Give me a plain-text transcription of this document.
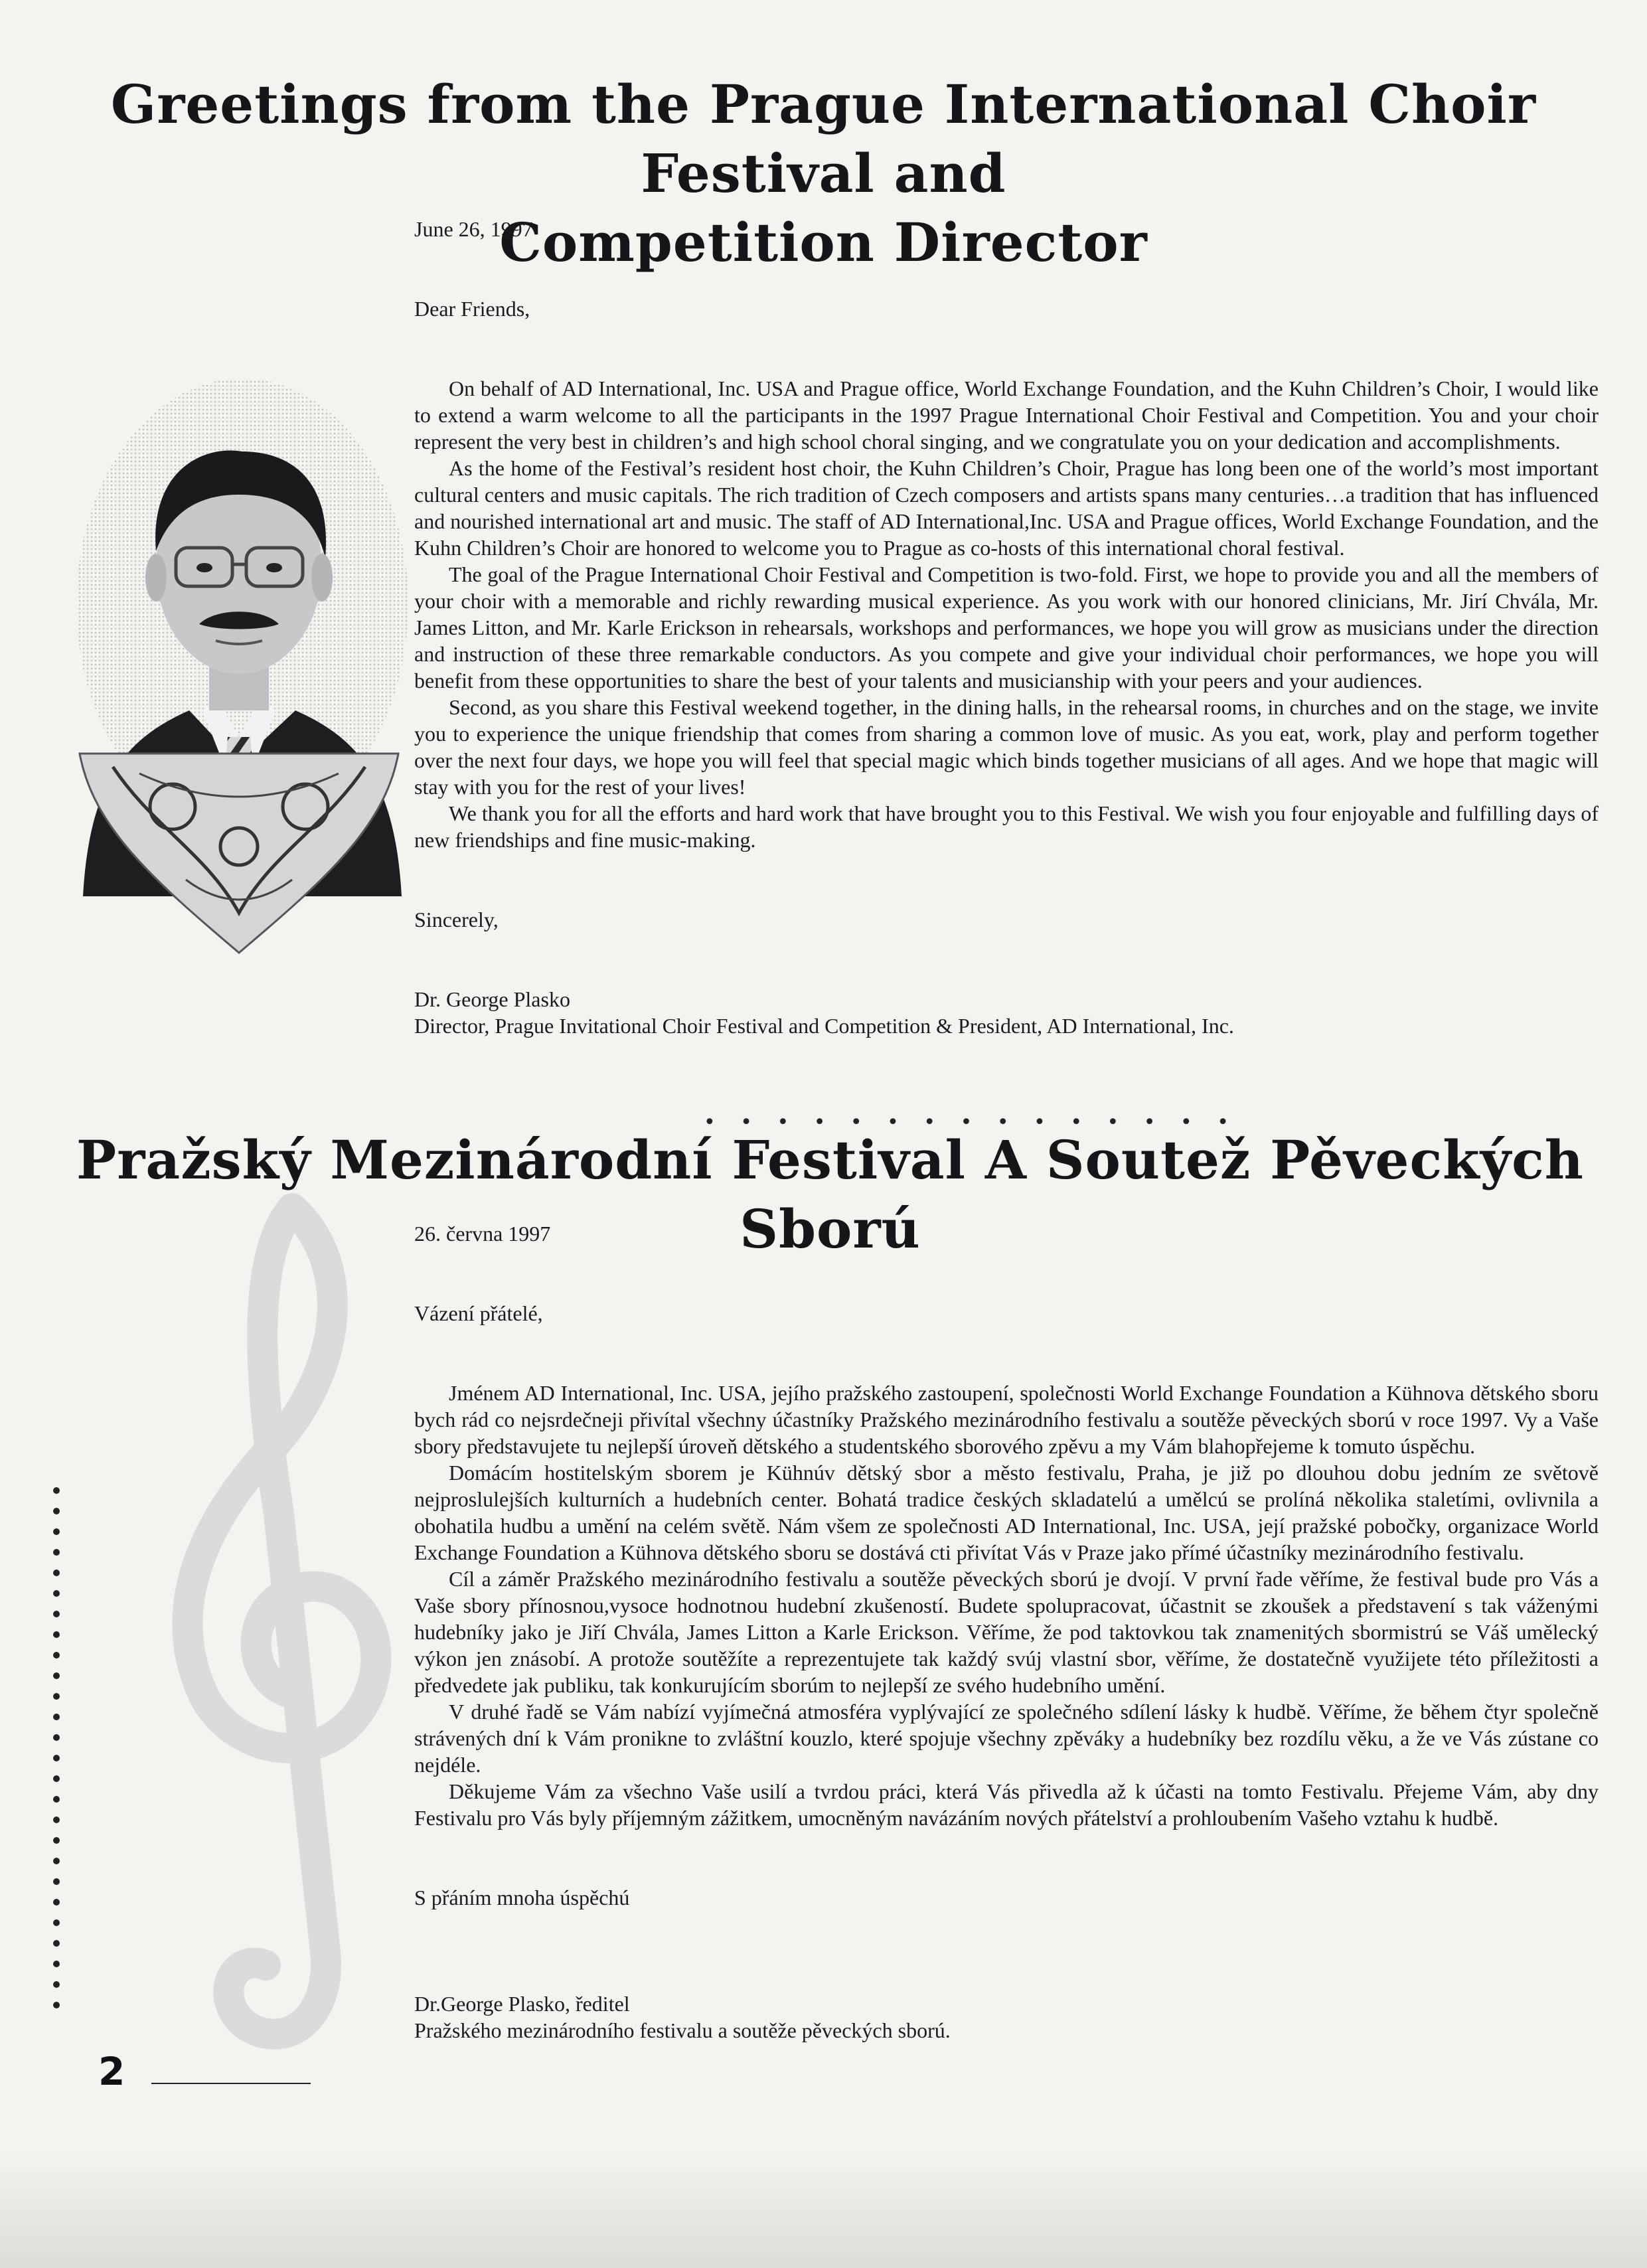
Greetings from the Prague International Choir Festival and
Competition Director

June 26, 1997

Dear Friends,

On behalf of AD International, Inc. USA and Prague office, World Exchange Foundation, and the Kuhn Children’s Choir, I would like to extend a warm welcome to all the participants in the 1997 Prague International Choir Festival and Competition. You and your choir represent the very best in children’s and high school choral singing, and we congratulate you on your dedication and accomplishments.

As the home of the Festival’s resident host choir, the Kuhn Children’s Choir, Prague has long been one of the world’s most important cultural centers and music capitals. The rich tradition of Czech composers and artists spans many centuries…a tradition that has influenced and nourished international art and music. The staff of AD International,Inc. USA and Prague offices, World Exchange Foundation, and the Kuhn Children’s Choir are honored to welcome you to Prague as co-hosts of this international choral festival.

The goal of the Prague International Choir Festival and Competition is two-fold. First, we hope to provide you and all the members of your choir with a memorable and richly rewarding musical experience. As you work with our honored clinicians, Mr. Jirí Chvála, Mr. James Litton, and Mr. Karle Erickson in rehearsals, workshops and performances, we hope you will grow as musicians under the direction and instruction of these three remarkable conductors. As you compete and give your individual choir performances, we hope you will benefit from these opportunities to share the best of your talents and musicianship with your peers and your audiences.

Second, as you share this Festival weekend together, in the dining halls, in the rehearsal rooms, in churches and on the stage, we invite you to experience the unique friendship that comes from sharing a common love of music. As you eat, work, play and perform together over the next four days, we hope you will feel that special magic which binds together musicians of all ages. And we hope that magic will stay with you for the rest of your lives!

We thank you for all the efforts and hard work that have brought you to this Festival. We wish you four enjoyable and fulfilling days of new friendships and fine music-making.

Sincerely,

Dr. George Plasko

Director, Prague Invitational Choir Festival and Competition & President, AD International, Inc.

• • • • • • • • • • • • • • •
Pražský Mezinárodní Festival A Soutež Pěveckých Sború

26. června 1997

Vázení přátelé,

Jménem AD International, Inc. USA, jejího pražského zastoupení, společnosti World Exchange Foundation a Kühnova dětského sboru bych rád co nejsrdečneji přivítal všechny účastníky Pražského mezinárodního festivalu a soutěže pěveckých sború v roce 1997. Vy a Vaše sbory představujete tu nejlepší úroveň dětského a studentského sborového zpěvu a my Vám blahopřejeme k tomuto úspěchu.

Domácím hostitelským sborem je Kühnúv dětský sbor a město festivalu, Praha, je již po dlouhou dobu jedním ze světově nejproslulejších kulturních a hudebních center. Bohatá tradice českých skladatelú a umělcú se prolíná několika staletími, ovlivnila a obohatila hudbu a umění na celém světě. Nám všem ze společnosti AD International, Inc. USA, její pražské pobočky, organizace World Exchange Foundation a Kühnova dětského sboru se dostává cti přivítat Vás v Praze jako přímé účastníky mezinárodního festivalu.

Cíl a záměr Pražského mezinárodního festivalu a soutěže pěveckých sború je dvojí. V první řade věříme, že festival bude pro Vás a Vaše sbory přínosnou,vysoce hodnotnou hudební zkušeností. Budete spolupracovat, účastnit se zkoušek a představení s tak váženými hudebníky jako je Jiří Chvála, James Litton a Karle Erickson. Věříme, že pod taktovkou tak znamenitých sbormistrú se Váš umělecký výkon jen znásobí. A protože soutěžíte a reprezentujete tak každý svúj vlastní sbor, věříme, že dostatečně využijete této příležitosti a předvedete jak publiku, tak konkurujícím sborúm to nejlepší ze svého hudebního umění.

V druhé řadě se Vám nabízí vyjímečná atmosféra vyplývající ze společného sdílení lásky k hudbě. Věříme, že během čtyr společně strávených dní k Vám pronikne to zvláštní kouzlo, které spojuje všechny zpěváky a hudebníky bez rozdílu věku, a že ve Vás zústane co nejdéle.

Děkujeme Vám za všechno Vaše usilí a tvrdou práci, která Vás přivedla až k účasti na tomto Festivalu. Přejeme Vám, aby dny Festivalu pro Vás byly příjemným zážitkem, umocněným navázáním nových přátelství a prohloubením Vašeho vztahu k hudbě.

S přáním mnoha úspěchú

Dr.George Plasko, ředitel

Pražského mezinárodního festivalu a soutěže pěveckých sború.

2
